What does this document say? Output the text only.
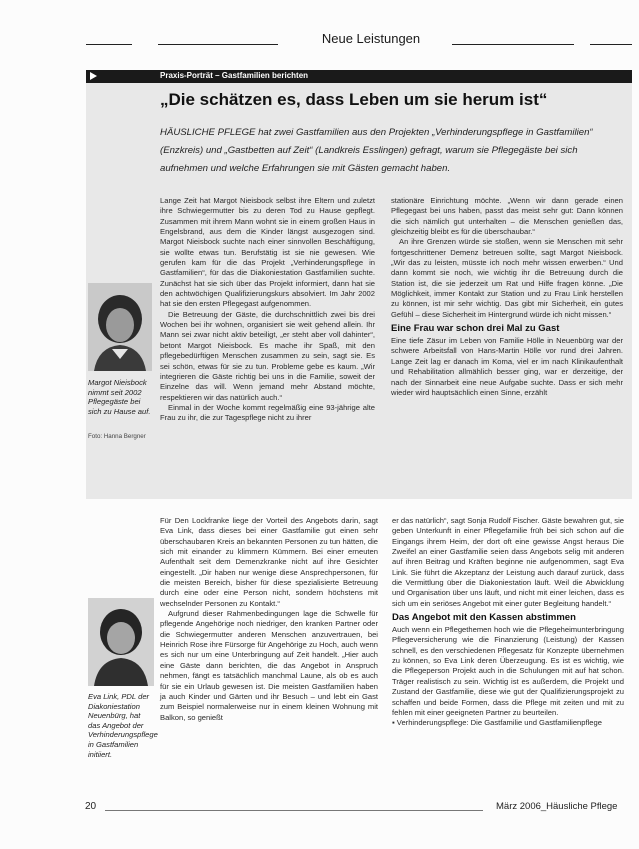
Neue Leistungen
Praxis-Porträt – Gastfamilien berichten
„Die schätzen es, dass Leben um sie herum ist“
HÄUSLICHE PFLEGE hat zwei Gastfamilien aus den Projekten „Verhinderungspflege in Gastfamilien“ (Enzkreis) und „Gastbetten auf Zeit“ (Landkreis Esslingen) gefragt, warum sie Pflegegäste bei sich aufnehmen und welche Erfahrungen sie mit Gästen gemacht haben.
Margot Nieisbock nimmt seit 2002 Pflegegäste bei sich zu Hause auf.
Foto: Hanna Bergner

Lange Zeit hat Margot Nieisbock selbst ihre Eltern und zuletzt ihre Schwiegermutter bis zu deren Tod zu Hause gepflegt. Zusammen mit ihrem Mann wohnt sie in einem großen Haus in Engelsbrand, aus dem die Kinder längst ausgezogen sind. Margot Nieisbock suchte nach einer sinnvollen Beschäftigung, sie wollte etwas tun. Berufstätig ist sie nie gewesen. Wie gerufen kam für die das Projekt „Verhinderungspflege in Gastfamilien“, für das die Diakoniestation Gastfamilien suchte. Zunächst hat sie sich über das Projekt informiert, dann hat sie den achtwöchigen Qualifizierungskurs absolviert. Im Jahr 2002 hat sie den ersten Pflegegast aufgenommen.

Die Betreuung der Gäste, die durchschnittlich zwei bis drei Wochen bei ihr wohnen, organisiert sie weit gehend allein. Ihr Mann sei zwar nicht aktiv beteiligt, „er steht aber voll dahinter“, betont Margot Nieisbock. Es mache ihr Spaß, mit den pflegebedürftigen Menschen zusammen zu sein, sagt sie. Es sei schön, etwas für sie zu tun. Probleme gebe es kaum. „Wir integrieren die Gäste richtig bei uns in die Familie, soweit der Einzelne das will. Wenn jemand mehr Abstand möchte, respektieren wir das natürlich auch.“

Einmal in der Woche kommt regelmäßig eine 93-jährige alte Frau zu ihr, die zur Tagespflege nicht zu ihrer

stationäre Einrichtung möchte. „Wenn wir dann gerade einen Pflegegast bei uns haben, passt das meist sehr gut: Dann können die sich nämlich gut unterhalten – die Menschen genießen das, gleichzeitig bleibt es für die überschaubar.“

An ihre Grenzen würde sie stoßen, wenn sie Menschen mit sehr fortgeschrittener Demenz betreuen sollte, sagt Margot Nieisbock. „Wir das zu leisten, müsste ich noch mehr wissen erwerben.“ Und dann kommt sie noch, wie wichtig ihr die Betreuung durch die Station ist, die sie jederzeit um Rat und Hilfe fragen könne. „Die Möglichkeit, immer Kontakt zur Station und zu Frau Link herstellen zu können, ist mir sehr wichtig. Das gibt mir Sicherheit, ein gutes Gefühl – diese Sicherheit im Hintergrund würde ich nicht missen.“

Eine Frau war schon drei Mal zu Gast

Eine tiefe Zäsur im Leben von Familie Hölle in Neuenbürg war der schwere Arbeitsfall von Hans-Martin Hölle vor rund drei Jahren. Lange Zeit lag er danach im Koma, viel er im nach Klinikaufenthalt und Rehabilitation allmählich besser ging, war er derzeitige, der nach der Sinnarbeit eine neue Aufgabe suchte. Dass er sich mehr wieder wird hauptsächlich einen Sinne, erzählt

Eva Link, PDL der Diakoniestation Neuenbürg, hat das Angebot der Verhinderungspflege in Gastfamilien initiiert.

Für Den Lockfranke liege der Vorteil des Angebots darin, sagt Eva Link, dass dieses bei einer Gastfamilie gut einen sehr überschaubaren Kreis an bekannten Personen zu tun hätten, die sich mit einander zu klimmern Kümmern. Bei einer erneuten Aufenthalt seit dem Demenzkranke nicht auf ihre Gesichter eingestellt. „Dir haben nur wenige diese Ansprechpersonen, für die meisten Bereich, bisher für diese spezialisierte Betreuung durch eine oder eine Person nicht, sondern höchstens mit wechselnder Personen zu Kontakt.“

Aufgrund dieser Rahmenbedingungen lage die Schwelle für pflegende Angehörige noch niedriger, den kranken Partner oder die Schwiegermutter anderen Menschen anzuvertrauen, bei Heinrich Rose ihre Fürsorge für Angehörige zu Hoch, auch wenn es sich nur um eine Unterbringung auf Zeit handelt. „Hier auch eine Gäste dann berichten, die das Angebot in Anspruch nehmen, fängt es tatsächlich manchmal Laune, als ob es auch für sie ein Urlaub gewesen ist. Die meisten Gastfamilien haben ja auch Kinder und Gärten und ihr Besuch – und lebt ein Gast zum Beispiel normalerweise nur in einem kleinen Wohnung mit Balkon, so genießt

er das natürlich“, sagt Sonja Rudolf Fischer. Gäste bewahren gut, sie geben Unterkunft in einer Pflegefamilie früh bei sich schon auf die Eingangs ihrem Heim, der dort oft eine gewisse Angst heraus Die Zweifel an einer Gastfamilie seien dass Angebots selig mit anderen auf ihren Beitrag und Kräften beginne nie aufgenommen, sagt Eva Link. Sie führt die Akzeptanz der Leistung auch darauf zurück, dass die Vermittlung über die Diakoniestation läuft. Weil die Abwicklung und Organisation über uns läuft, und nicht mit einer leichen, dass es sich um ein seriöses Angebot mit einer guter Begleitung handelt.“

Das Angebot mit den Kassen abstimmen

Auch wenn ein Pflegethemen hoch wie die Pflegeheimunterbringung Pflegeversicherung wie die Finanzierung (Leistung) der Kassen schnell, es den verschiedenen Pflegesatz für Konzepte übernehmen zu können, so Eva Link deren Überzeugung. Es ist es wichtig, wie die Pflegeperson Projekt auch in die Schulungen mit auf hat schon. Träger realistisch zu sein. Wichtig ist es außerdem, die Projekt und Zustand der Gastfamilie, diese wie gut der Qualifizierungsprojekt zu schaffen und beide Formen, dass die Pflege mit zeiten und mit zu fehlen mit einer geeigneten Partner zu beurteilen.

▪ Verhinderungspflege: Die Gastfamilie und Gastfamilienpflege

20	März 2006_Häusliche Pflege
